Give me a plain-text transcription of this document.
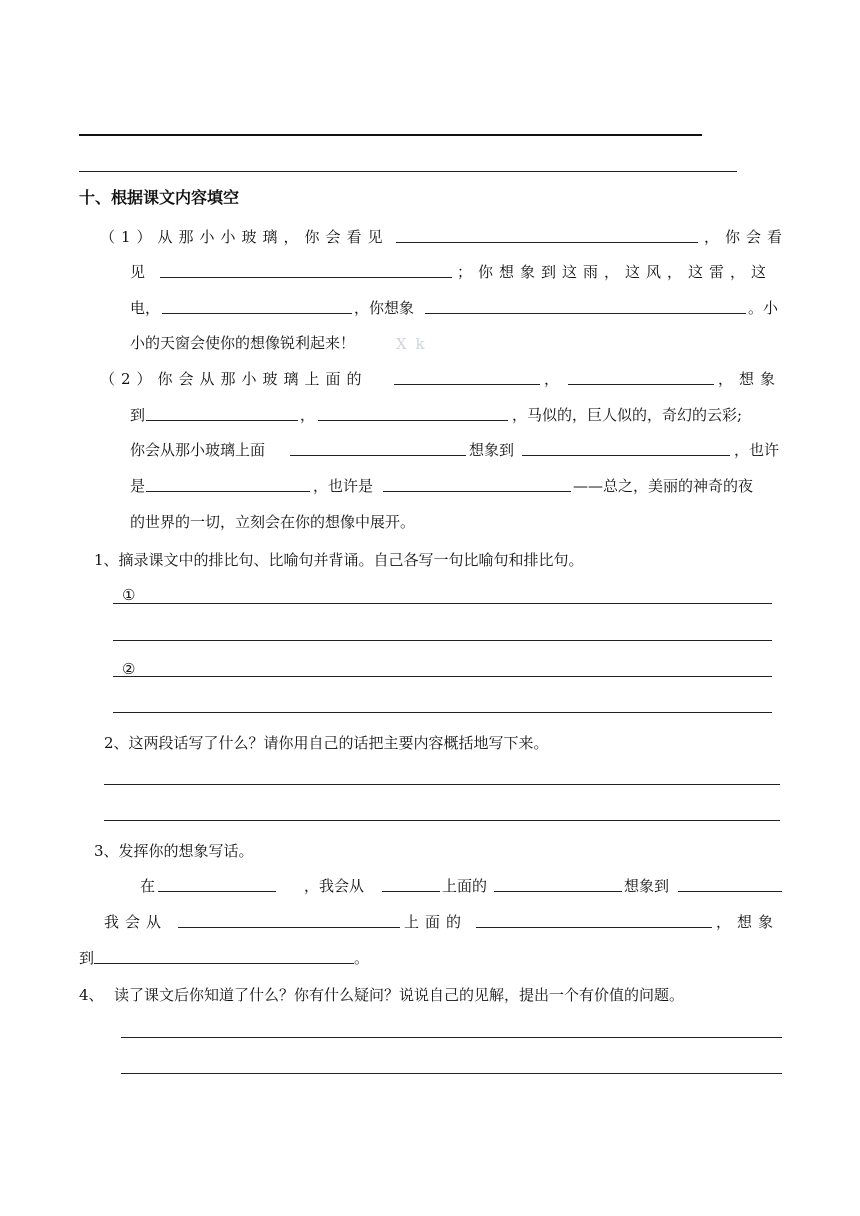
十、根据课文内容填空
（1）从那小小玻璃，你会看见	，你会看
见	；你想象到这雨，这风，这雷，这
电，	，你想象	。小
小的天窗会使你的想像锐利起来！	X k
（2）你会从那小玻璃上面的	，	，想象
到	，	，马似的，巨人似的，奇幻的云彩;
你会从那小玻璃上面	想象到	，也许
是	，也许是	——总之，美丽的神奇的夜
的世界的一切，立刻会在你的想像中展开。
1、摘录课文中的排比句、比喻句并背诵。自己各写一句比喻句和排比句。
①
②
2、这两段话写了什么？请你用自己的话把主要内容概括地写下来。
3、发挥你的想象写话。
在	，我会从	上面的	想象到
我会从	上面的	，想象
到	。
4、 读了课文后你知道了什么？你有什么疑问？说说自己的见解，提出一个有价值的问题。
